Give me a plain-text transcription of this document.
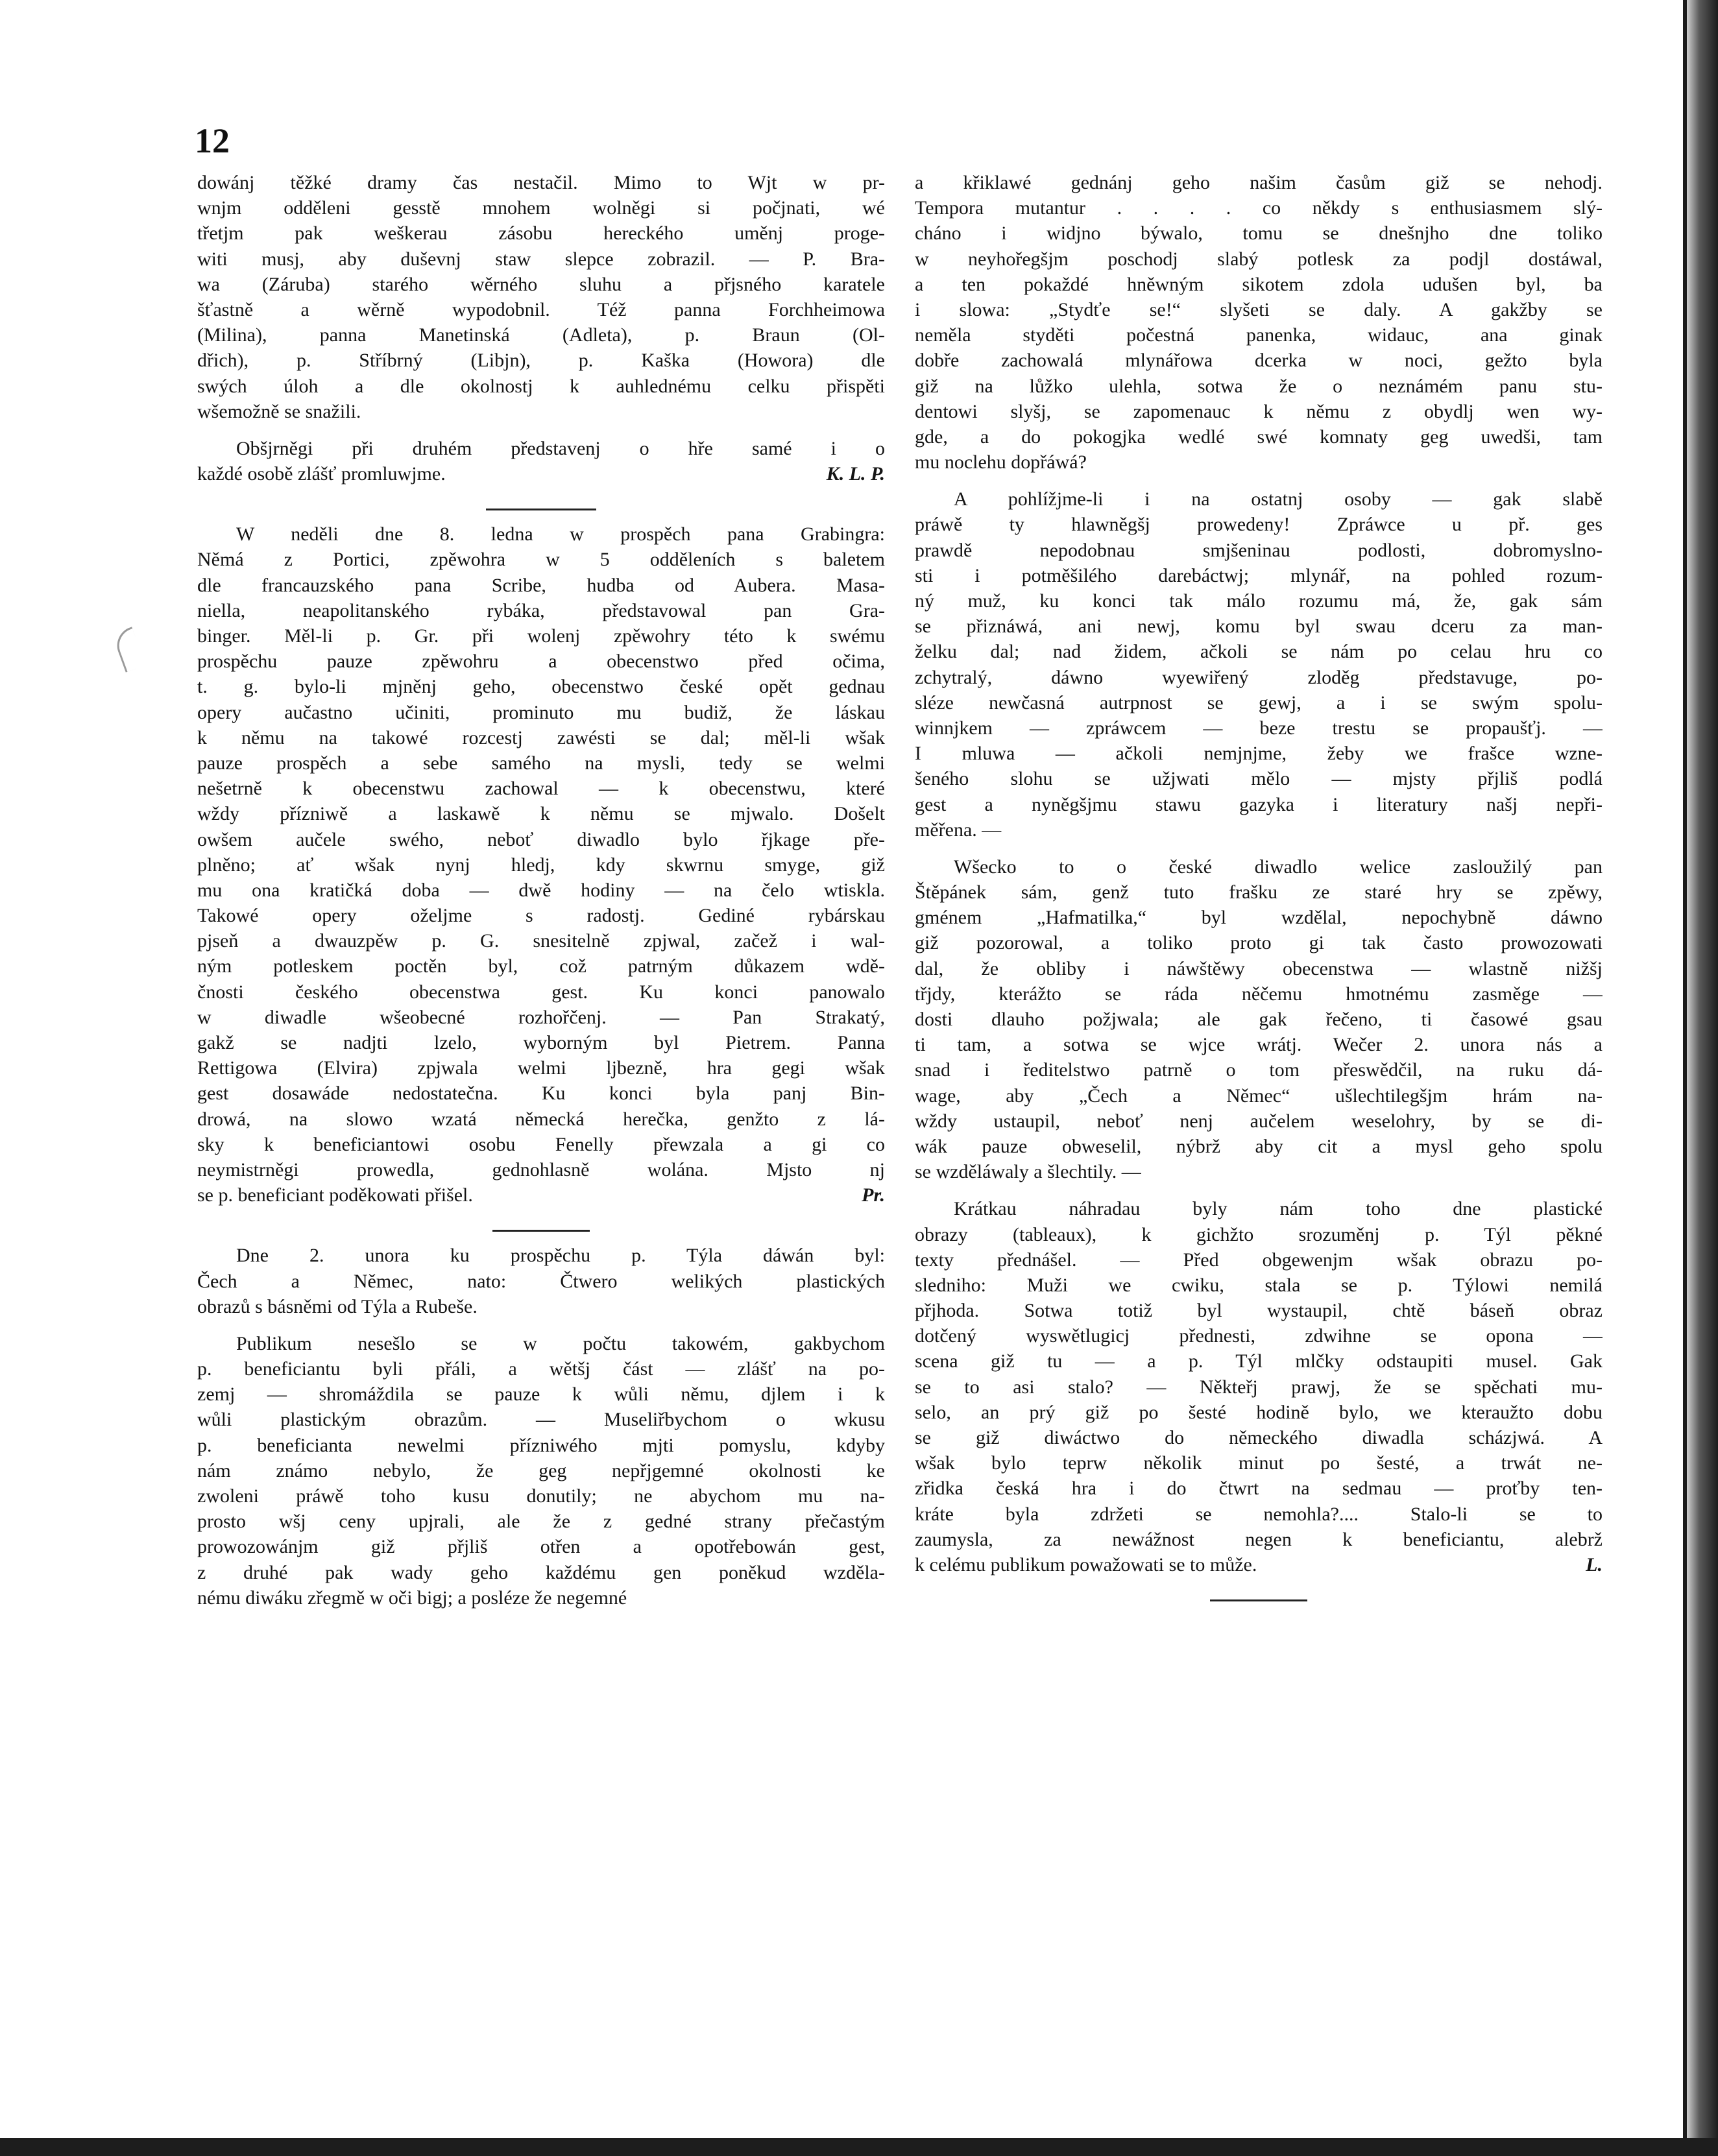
12
dowánj těžké dramy čas nestačil. Mimo to Wjt w pr-
wnjm odděleni gesstě mnohem wolněgi si počjnati, wé
třetjm pak weškerau zásobu hereckého uměnj proge-
witi musj, aby duševnj staw slepce zobrazil. — P. Bra-
wa (Záruba) starého wěrného sluhu a přjsného karatele
šťastně a wěrně wypodobnil. Též panna Forchheimowa
(Milina), panna Manetinská (Adleta), p. Braun (Ol-
dřich), p. Stříbrný (Libjn), p. Kaška (Howora) dle
swých úloh a dle okolnostj k auhlednému celku přispěti
wšemožně se snažili.
Obšjrněgi při druhém představenj o hře samé i o
K. L. P.
každé osobě zlášť promluwjme.
W neděli dne 8. ledna w prospěch pana Grabingra:
Němá z Portici, zpěwohra w 5 odděleních s baletem
dle francauzského pana Scribe, hudba od Aubera. Masa-
niella, neapolitanského rybáka, představowal pan Gra-
binger. Měl-li p. Gr. při wolenj zpěwohry této k swému
prospěchu pauze zpěwohru a obecenstwo před očima,
t. g. bylo-li mjněnj geho, obecenstwo české opět gednau
opery aučastno učiniti, prominuto mu budiž, že láskau
k němu na takowé rozcestj zawésti se dal; měl-li wšak
pauze prospěch a sebe samého na mysli, tedy se welmi
nešetrně k obecenstwu zachowal — k obecenstwu, které
wždy přízniwě a laskawě k němu se mjwalo. Došelt
owšem aučele swého, neboť diwadlo bylo řjkage pře-
plněno; ať wšak nynj hledj, kdy skwrnu smyge, giž
mu ona kratičká doba — dwě hodiny — na čelo wtiskla.
Takowé opery oželjme s radostj. Gediné rybárskau
pjseň a dwauzpěw p. G. snesitelně zpjwal, začež i wal-
ným potleskem poctěn byl, což patrným důkazem wdě-
čnosti českého obecenstwa gest. Ku konci panowalo
w diwadle wšeobecné rozhořčenj. — Pan Strakatý,
gakž se nadjti lzelo, wyborným byl Pietrem. Panna
Rettigowa (Elvira) zpjwala welmi ljbezně, hra gegi wšak
gest dosawáde nedostatečna. Ku konci byla panj Bin-
drowá, na slowo wzatá německá herečka, genžto z lá-
sky k beneficiantowi osobu Fenelly přewzala a gi co
neymistrněgi prowedla, gednohlasně wolána. Mjsto nj
Pr.
se p. beneficiant poděkowati přišel.
Dne 2. unora ku prospěchu p. Týla dáwán byl:
Čech a Němec, nato: Čtwero welikých plastických
obrazů s básněmi od Týla a Rubeše.
Publikum nesešlo se w počtu takowém, gakbychom
p. beneficiantu byli přáli, a wětšj část — zlášť na po-
zemj — shromáždila se pauze k wůli němu, djlem i k
wůli plastickým obrazům. — Museliřbychom o wkusu
p. beneficianta newelmi přízniwého mjti pomyslu, kdyby
nám známo nebylo, že geg nepřjgemné okolnosti ke
zwoleni práwě toho kusu donutily; ne abychom mu na-
prosto wšj ceny upjrali, ale že z gedné strany přečastým
prowozowánjm giž přjliš otřen a opotřebowán gest,
z druhé pak wady geho každému gen poněkud wzděla-
nému diwáku zřegmě w oči bigj; a posléze že negemné
a křiklawé gednánj geho našim časům giž se nehodj.
Tempora mutantur . . . . co někdy s enthusiasmem slý-
cháno i widjno býwalo, tomu se dnešnjho dne toliko
w neyhořegšjm poschodj slabý potlesk za podjl dostáwal,
a ten pokaždé hněwným sikotem zdola udušen byl, ba
i slowa: „Stydťe se!“ slyšeti se daly. A gakžby se
neměla styděti počestná panenka, widauc, ana ginak
dobře zachowalá mlynářowa dcerka w noci, gežto byla
giž na lůžko ulehla, sotwa že o neznámém panu stu-
dentowi slyšj, se zapomenauc k němu z obydlj wen wy-
gde, a do pokogjka wedlé swé komnaty geg uwedši, tam
mu noclehu dopřáwá?
A pohlížjme-li i na ostatnj osoby — gak slabě
práwě ty hlawněgšj prowedeny! Zpráwce u př. ges
prawdě nepodobnau smjšeninau podlosti, dobromyslno-
sti i potměšilého darebáctwj; mlynář, na pohled rozum-
ný muž, ku konci tak málo rozumu má, že, gak sám
se přiznáwá, ani newj, komu byl swau dceru za man-
želku dal; nad židem, ačkoli se nám po celau hru co
zchytralý, dáwno wyewiřený zloděg představuge, po-
sléze newčasná autrpnost se gewj, a i se swým spolu-
winnjkem — zpráwcem — beze trestu se propaušťj. —
I mluwa — ačkoli nemjnjme, žeby we frašce wzne-
šeného slohu se užjwati mělo — mjsty přjliš podlá
gest a nyněgšjmu stawu gazyka i literatury našj nepři-
měřena. —
Wšecko to o české diwadlo welice zasloužilý pan
Štěpánek sám, genž tuto frašku ze staré hry se zpěwy,
gménem „Hafmatilka,“ byl wzdělal, nepochybně dáwno
giž pozorowal, a toliko proto gi tak často prowozowati
dal, že obliby i náwštěwy obecenstwa — wlastně nižšj
třjdy, kterážto se ráda něčemu hmotnému zasměge —
dosti dlauho požjwala; ale gak řečeno, ti časowé gsau
ti tam, a sotwa se wjce wrátj. Wečer 2. unora nás a
snad i ředitelstwo patrně o tom přeswědčil, na ruku dá-
wage, aby „Čech a Němec“ ušlechtilegšjm hrám na-
wždy ustaupil, neboť nenj aučelem weselohry, by se di-
wák pauze obweselil, nýbrž aby cit a mysl geho spolu
se wzděláwaly a šlechtily. —
Krátkau náhradau byly nám toho dne plastické
obrazy (tableaux), k gichžto srozuměnj p. Týl pěkné
texty přednášel. — Před obgewenjm wšak obrazu po-
sledniho: Muži we cwiku, stala se p. Týlowi nemilá
přjhoda. Sotwa totiž byl wystaupil, chtě báseň obraz
dotčený wyswětlugicj přednesti, zdwihne se opona —
scena giž tu — a p. Týl mlčky odstaupiti musel. Gak
se to asi stalo? — Někteřj prawj, že se spěchati mu-
selo, an prý giž po šesté hodině bylo, we kteraužto dobu
se giž diwáctwo do německého diwadla scházjwá. A
wšak bylo teprw několik minut po šesté, a trwát ne-
zřidka česká hra i do čtwrt na sedmau — proťby ten-
kráte byla zdržeti se nemohla?.... Stalo-li se to
zaumysla, za newážnost negen k beneficiantu, alebrž
L.
k celému publikum powažowati se to může.
